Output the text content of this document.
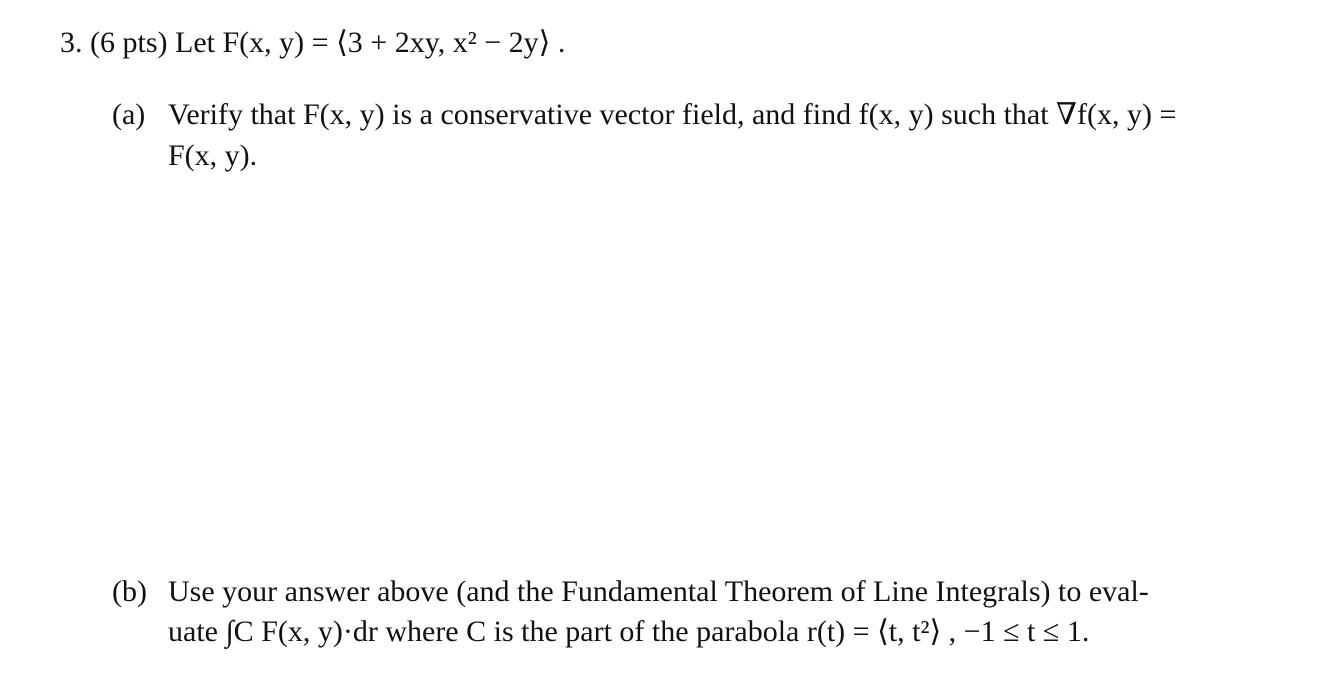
3. (6 pts) Let F(x, y) = ⟨3 + 2xy, x² − 2y⟩ .
(a) Verify that F(x, y) is a conservative vector field, and find f(x, y) such that ∇f(x, y) =
F(x, y).
(b) Use your answer above (and the Fundamental Theorem of Line Integrals) to eval-
uate ∫C F(x, y)·dr where C is the part of the parabola r(t) = ⟨t, t²⟩ , −1 ≤ t ≤ 1.
